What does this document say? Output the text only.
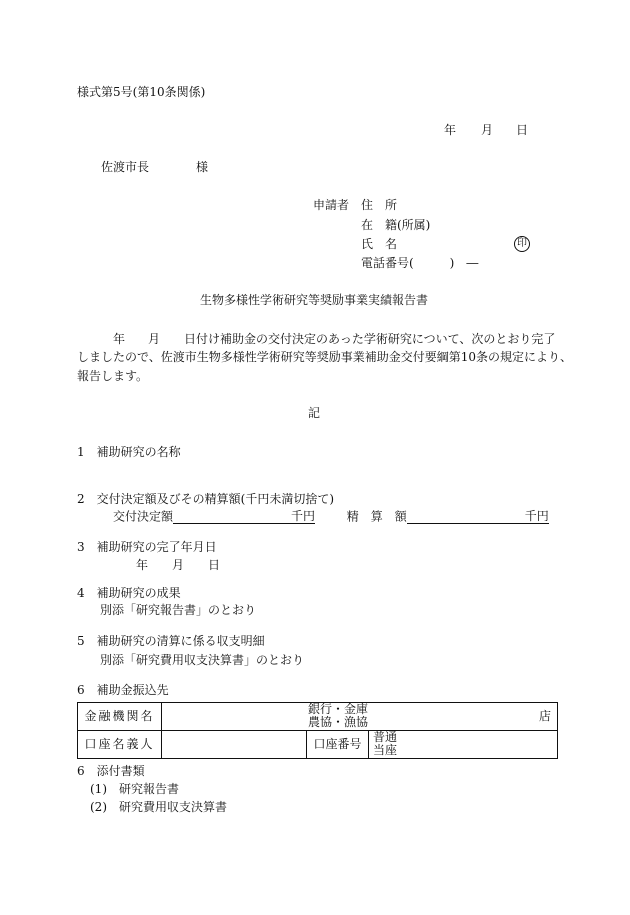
様式第5号(第10条関係)
年 月 日
佐渡市長	様
申請者 住　所
在　籍(所属)
氏　名	印
電話番号(　　　)　―
生物多様性学術研究等奨励事業実績報告書
年 月 日付け補助金の交付決定のあった学術研究について、次のとおり完了
しましたので、佐渡市生物多様性学術研究等奨励事業補助金交付要綱第10条の規定により、
報告します。
記
1　補助研究の名称
2　交付決定額及びその精算額(千円未満切捨て)
交付決定額	千円	精　算　額	千円
3　補助研究の完了年月日
年 月 日
4　補助研究の成果
別添「研究報告書」のとおり
5　補助研究の清算に係る収支明細
別添「研究費用収支決算書」のとおり
6　補助金振込先
金融機関名	銀行・金庫
農協・漁協 店		

口座名義人		口座番号	普通
当座
6　添付書類
(1)　研究報告書
(2)　研究費用収支決算書
